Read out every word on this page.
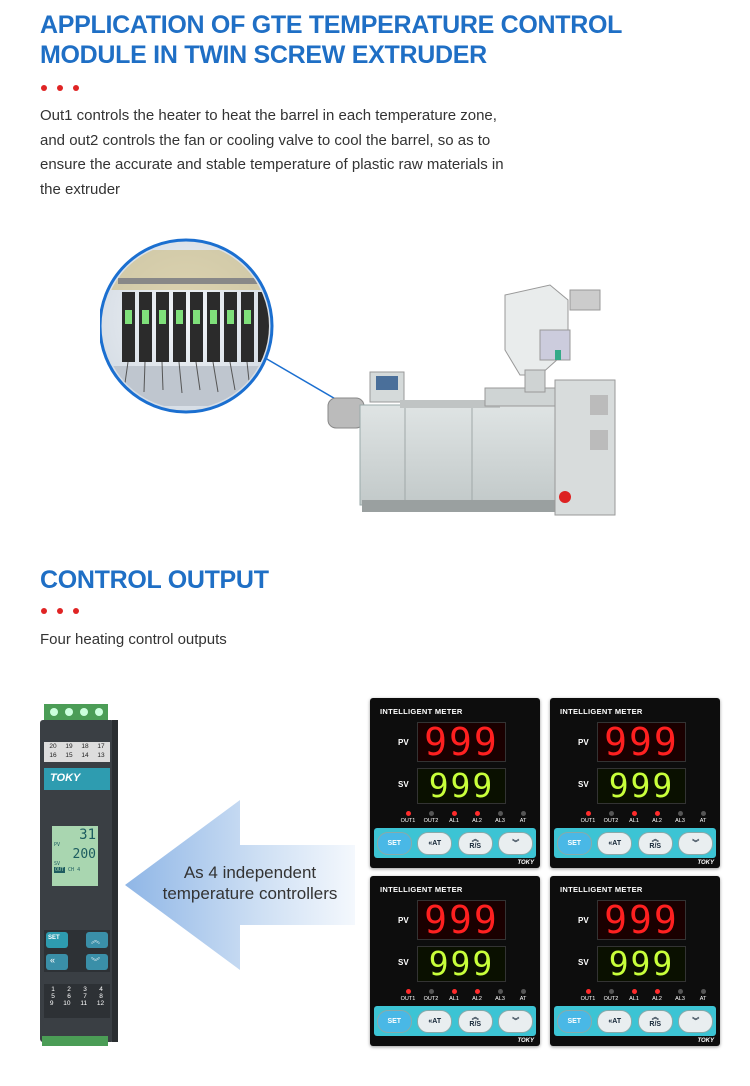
APPLICATION OF GTE TEMPERATURE CONTROL
MODULE IN TWIN SCREW EXTRUDER

Out1 controls the heater to heat the barrel in each temperature zone, and out2 controls the fan or cooling valve to cool the barrel, so as to ensure the accurate and stable temperature of plastic raw materials in the extruder

CONTROL OUTPUT

Four heating control outputs

20 19 18 17
16 15 14 13
TOKY
31
PV
200
SV
OUT CH 4
SET	︽
«	︾
1 2 3 4
5 6 7 8
9 10 11 12
As 4 independent
temperature controllers
INTELLIGENT METER
PV
SV
999
999
OUT1 OUT2 AL1 AL2 AL3	AT
SET	« AT	︽
R/S	︾
TOKY
INTELLIGENT METER
PV
SV
999
999
OUT1 OUT2 AL1 AL2 AL3	AT
SET	« AT	︽
R/S	︾
TOKY
INTELLIGENT METER
PV
SV
999
999
OUT1 OUT2 AL1 AL2 AL3	AT
SET	« AT	︽
R/S	︾
TOKY
INTELLIGENT METER
PV
SV
999
999
OUT1 OUT2 AL1 AL2 AL3	AT
SET	« AT	︽
R/S	︾
TOKY
